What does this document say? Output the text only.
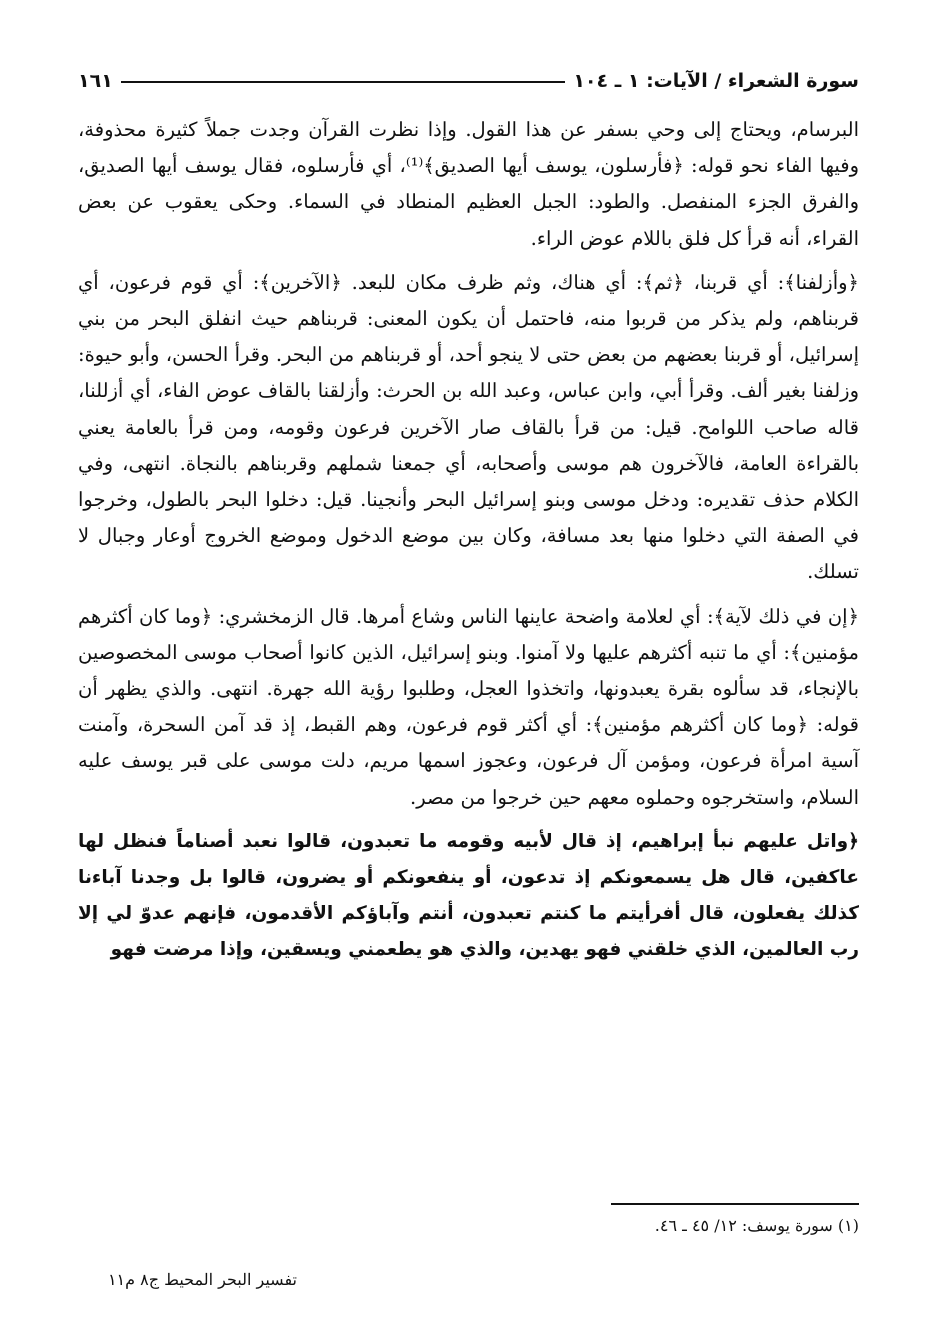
سورة الشعراء / الآيات: ١ ـ ١٠٤
١٦١

البرسام، ويحتاج إلى وحي بسفر عن هذا القول. وإذا نظرت القرآن وجدت جملاً كثيرة محذوفة، وفيها الفاء نحو قوله: ﴿فأرسلون، يوسف أيها الصديق﴾⁽¹⁾، أي فأرسلوه، فقال يوسف أيها الصديق، والفرق الجزء المنفصل. والطود: الجبل العظيم المنطاد في السماء. وحكى يعقوب عن بعض القراء، أنه قرأ كل فلق باللام عوض الراء.

﴿وأزلفنا﴾: أي قربنا، ﴿ثم﴾: أي هناك، وثم ظرف مكان للبعد. ﴿الآخرين﴾: أي قوم فرعون، أي قربناهم، ولم يذكر من قربوا منه، فاحتمل أن يكون المعنى: قربناهم حيث انفلق البحر من بني إسرائيل، أو قربنا بعضهم من بعض حتى لا ينجو أحد، أو قربناهم من البحر. وقرأ الحسن، وأبو حيوة: وزلفنا بغير ألف. وقرأ أبي، وابن عباس، وعبد الله بن الحرث: وأزلقنا بالقاف عوض الفاء، أي أزللنا، قاله صاحب اللوامح. قيل: من قرأ بالقاف صار الآخرين فرعون وقومه، ومن قرأ بالعامة يعني بالقراءة العامة، فالآخرون هم موسى وأصحابه، أي جمعنا شملهم وقربناهم بالنجاة. انتهى، وفي الكلام حذف تقديره: ودخل موسى وبنو إسرائيل البحر وأنجينا. قيل: دخلوا البحر بالطول، وخرجوا في الصفة التي دخلوا منها بعد مسافة، وكان بين موضع الدخول وموضع الخروج أوعار وجبال لا تسلك.

﴿إن في ذلك لآية﴾: أي لعلامة واضحة عاينها الناس وشاع أمرها. قال الزمخشري: ﴿وما كان أكثرهم مؤمنين﴾: أي ما تنبه أكثرهم عليها ولا آمنوا. وبنو إسرائيل، الذين كانوا أصحاب موسى المخصوصين بالإنجاء، قد سألوه بقرة يعبدونها، واتخذوا العجل، وطلبوا رؤية الله جهرة. انتهى. والذي يظهر أن قوله: ﴿وما كان أكثرهم مؤمنين﴾: أي أكثر قوم فرعون، وهم القبط، إذ قد آمن السحرة، وآمنت آسية امرأة فرعون، ومؤمن آل فرعون، وعجوز اسمها مريم، دلت موسى على قبر يوسف عليه السلام، واستخرجوه وحملوه معهم حين خرجوا من مصر.

﴿واتل عليهم نبأ إبراهيم، إذ قال لأبيه وقومه ما تعبدون، قالوا نعبد أصناماً فنظل لها عاكفين، قال هل يسمعونكم إذ تدعون، أو ينفعونكم أو يضرون، قالوا بل وجدنا آباءنا كذلك يفعلون، قال أفرأيتم ما كنتم تعبدون، أنتم وآباؤكم الأقدمون، فإنهم عدوّ لي إلا رب العالمين، الذي خلقني فهو يهدين، والذي هو يطعمني ويسقين، وإذا مرضت فهو

(١) سورة يوسف: ١٢/ ٤٥ ـ ٤٦.
تفسير البحر المحيط ج٨ م١١
